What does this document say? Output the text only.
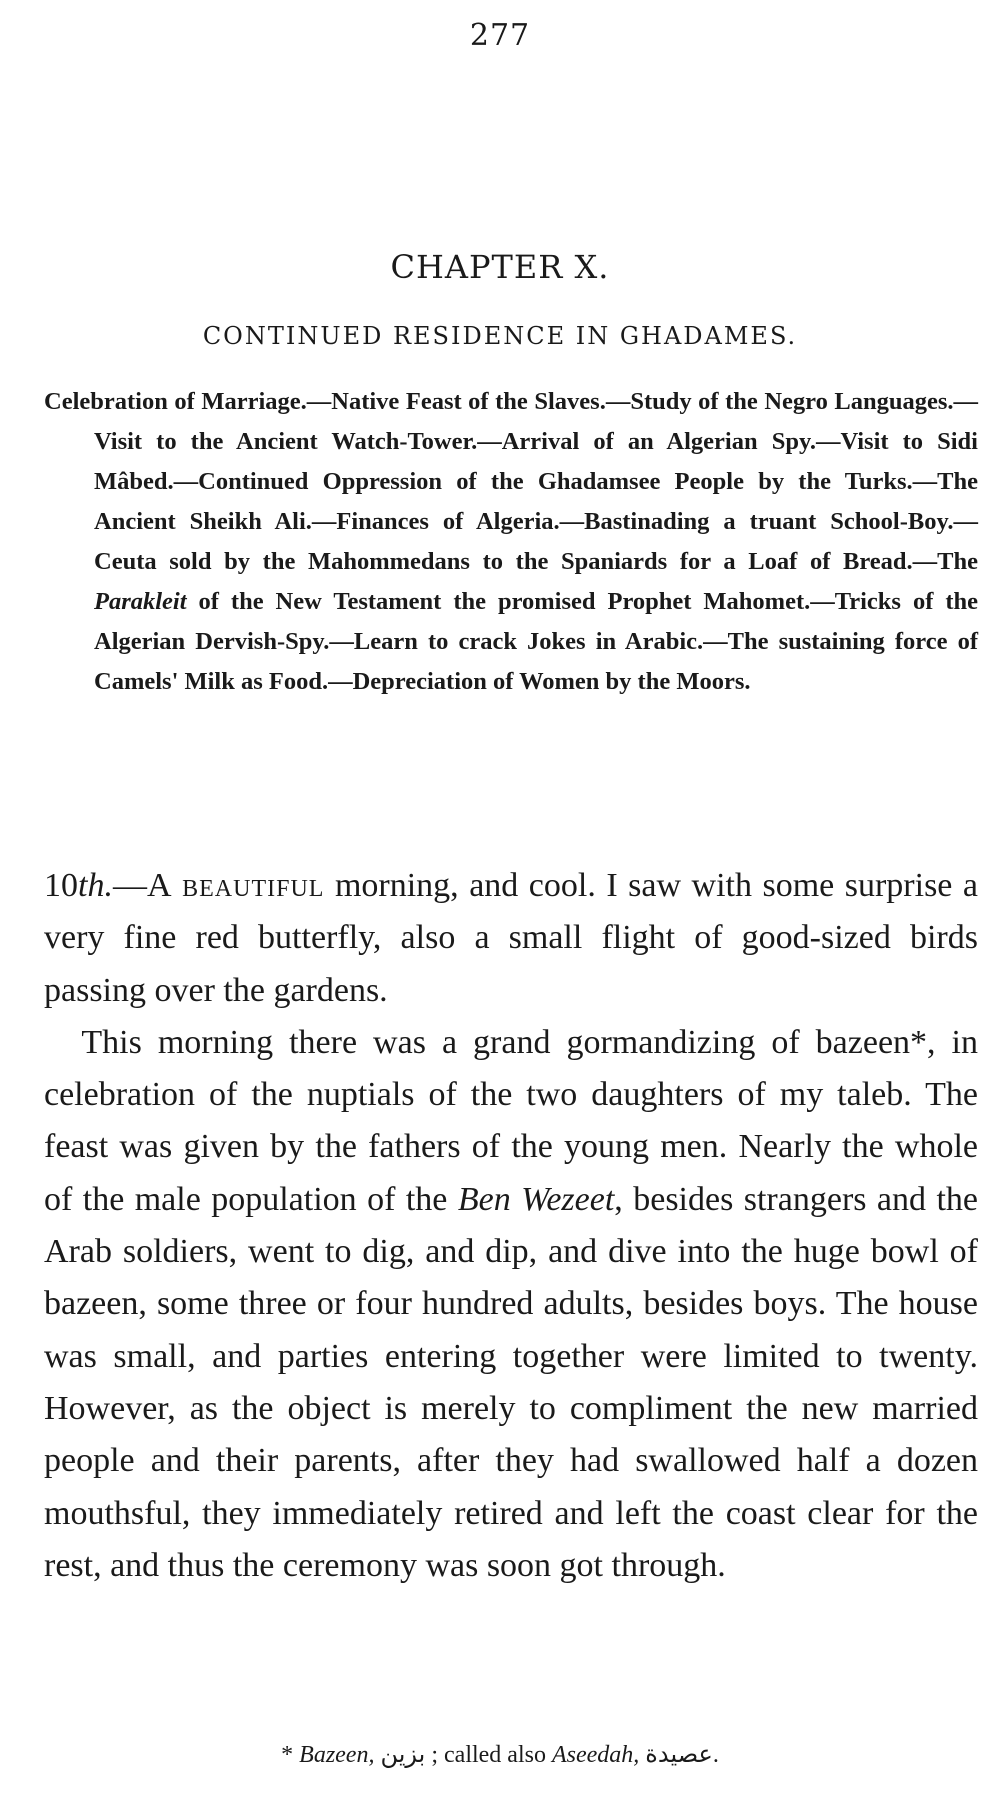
277
CHAPTER X.
CONTINUED RESIDENCE IN GHADAMES.
Celebration of Marriage.—Native Feast of the Slaves.—Study of the Negro Languages.—Visit to the Ancient Watch-Tower.—Arrival of an Algerian Spy.—Visit to Sidi Mâbed.—Continued Oppression of the Ghadamsee People by the Turks.—The Ancient Sheikh Ali.—Finances of Algeria.—Bastinading a truant School-Boy.—Ceuta sold by the Mahommedans to the Spaniards for a Loaf of Bread.—The Parakleit of the New Testament the promised Prophet Mahomet.—Tricks of the Algerian Dervish-Spy.—Learn to crack Jokes in Arabic.—The sustaining force of Camels' Milk as Food.—Depreciation of Women by the Moors.

10th.—A beautiful morning, and cool. I saw with some surprise a very fine red butterfly, also a small flight of good-sized birds passing over the gardens.

This morning there was a grand gormandizing of bazeen*, in celebration of the nuptials of the two daughters of my taleb. The feast was given by the fathers of the young men. Nearly the whole of the male population of the Ben Wezeet, besides strangers and the Arab soldiers, went to dig, and dip, and dive into the huge bowl of bazeen, some three or four hundred adults, besides boys. The house was small, and parties entering together were limited to twenty. However, as the object is merely to compliment the new married people and their parents, after they had swallowed half a dozen mouthsful, they immediately retired and left the coast clear for the rest, and thus the ceremony was soon got through.

* Bazeen, بزين ; called also Aseedah, عصيدة.
